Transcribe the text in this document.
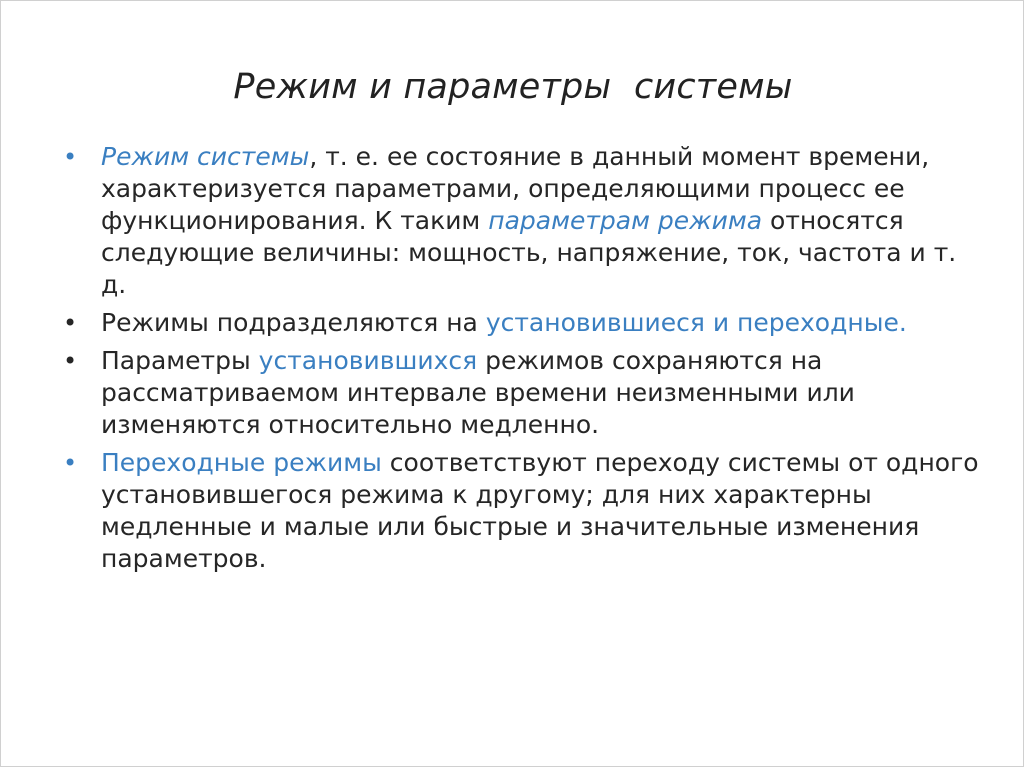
Режим и параметры  системы
• Режим системы, т. е. ее состояние в данный момент времени, характеризуется параметрами, определяющими процесс ее функционирования. К таким параметрам режима относятся следующие величины: мощность, напряжение, ток, частота и т. д.
• Режимы подразделяются на установившиеся и переходные.
• Параметры установившихся режимов сохраняются на рассматриваемом интервале времени неизменными или изменяются относительно медленно.
• Переходные режимы соответствуют переходу системы от одного установившегося режима к другому; для них характерны медленные и малые или быстрые и значительные изменения параметров.
